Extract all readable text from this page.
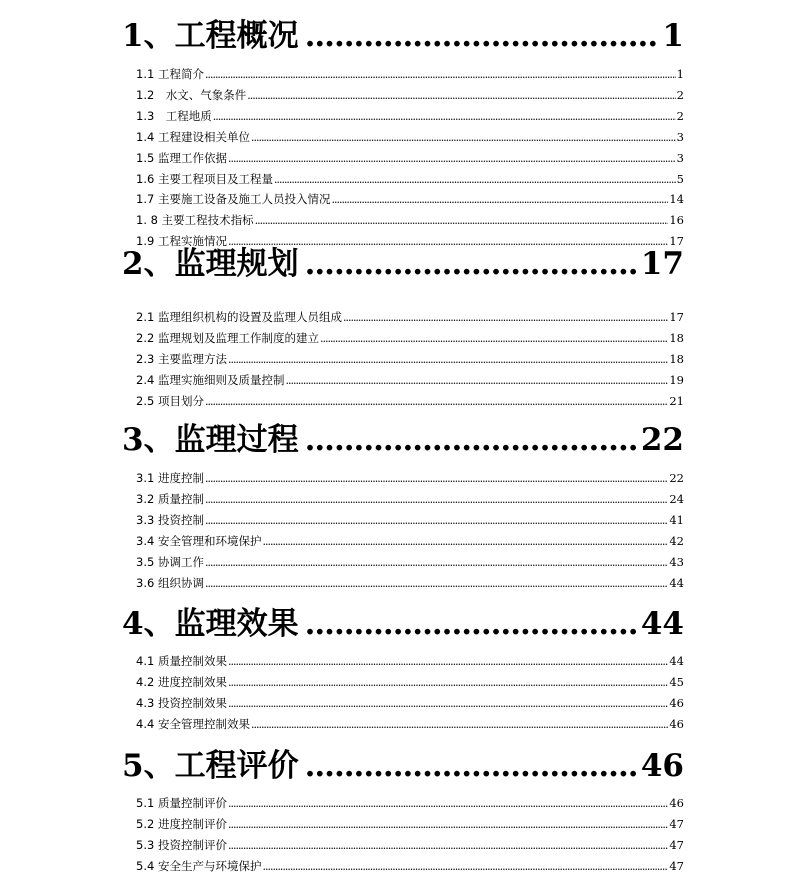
1、工程概况 .....	1
1.1 工程简介 .....	1
1.2　水文、气象条件 .....	2
1.3　工程地质 .....	2
1.4 工程建设相关单位 .....	3
1.5 监理工作依据 .....	3
1.6 主要工程项目及工程量 .....	5
1.7 主要施工设备及施工人员投入情况 .....	14
1. 8 主要工程技术指标 .....	16
1.9 工程实施情况 .....	17
2、监理规划 .....	17
2.1 监理组织机构的设置及监理人员组成 .....	17
2.2 监理规划及监理工作制度的建立 .....	18
2.3 主要监理方法 .....	18
2.4 监理实施细则及质量控制 .....	19
2.5 项目划分 .....	21
3、监理过程 .....	22
3.1 进度控制 .....	22
3.2 质量控制 .....	24
3.3 投资控制 .....	41
3.4 安全管理和环境保护 .....	42
3.5 协调工作 .....	43
3.6 组织协调 .....	44
4、监理效果 .....	44
4.1 质量控制效果 .....	44
4.2 进度控制效果 .....	45
4.3 投资控制效果 .....	46
4.4 安全管理控制效果 .....	46
5、工程评价 .....	46
5.1 质量控制评价 .....	46
5.2 进度控制评价 .....	47
5.3 投资控制评价 .....	47
5.4 安全生产与环境保护 .....	47
